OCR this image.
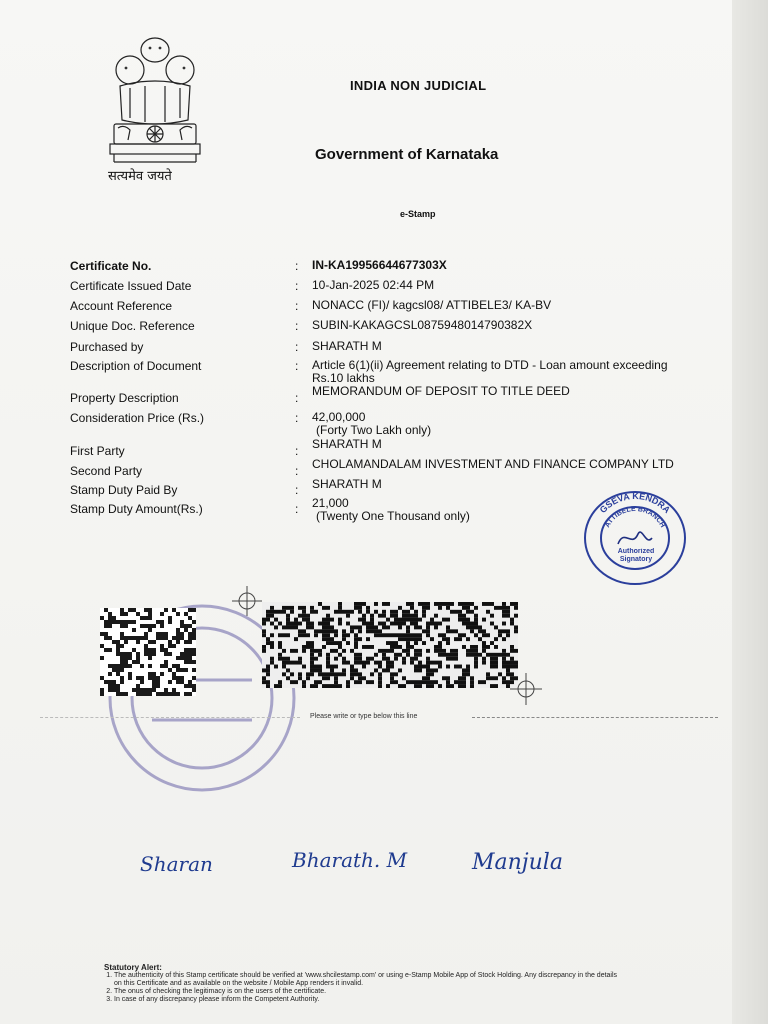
सत्यमेव जयते
INDIA NON JUDICIAL
Government of Karnataka
e-Stamp
Certificate No.	: IN-KA19956644677303X
Certificate Issued Date	: 10-Jan-2025 02:44 PM
Account Reference	: NONACC (FI)/ kagcsl08/ ATTIBELE3/ KA-BV
Unique Doc. Reference	: SUBIN-KAKAGCSL0875948014790382X
Purchased by	: SHARATH M
Description of Document	: Article 6(1)(ii) Agreement relating to DTD - Loan amount exceeding Rs.10 lakhs
Property Description	: MEMORANDUM OF DEPOSIT TO TITLE DEED
Consideration Price (Rs.)	: 42,00,000
(Forty Two Lakh only)
First Party	: SHARATH M
Second Party	: CHOLAMANDALAM INVESTMENT AND FINANCE COMPANY LTD
Stamp Duty Paid By	: SHARATH M
Stamp Duty Amount(Rs.)	: 21,000
(Twenty One Thousand only)
GSEVA KENDRA
ATTIBELE BRANCH
Authorized Signatory
Please write or type below this line
Sharan	Bharath. M	Manjula
Statutory Alert:
1. The authenticity of this Stamp certificate should be verified at 'www.shcilestamp.com' or using e-Stamp Mobile App of Stock Holding. Any discrepancy in the details on this Certificate and as available on the website / Mobile App renders it invalid.
2. The onus of checking the legitimacy is on the users of the certificate.
3. In case of any discrepancy please inform the Competent Authority.
